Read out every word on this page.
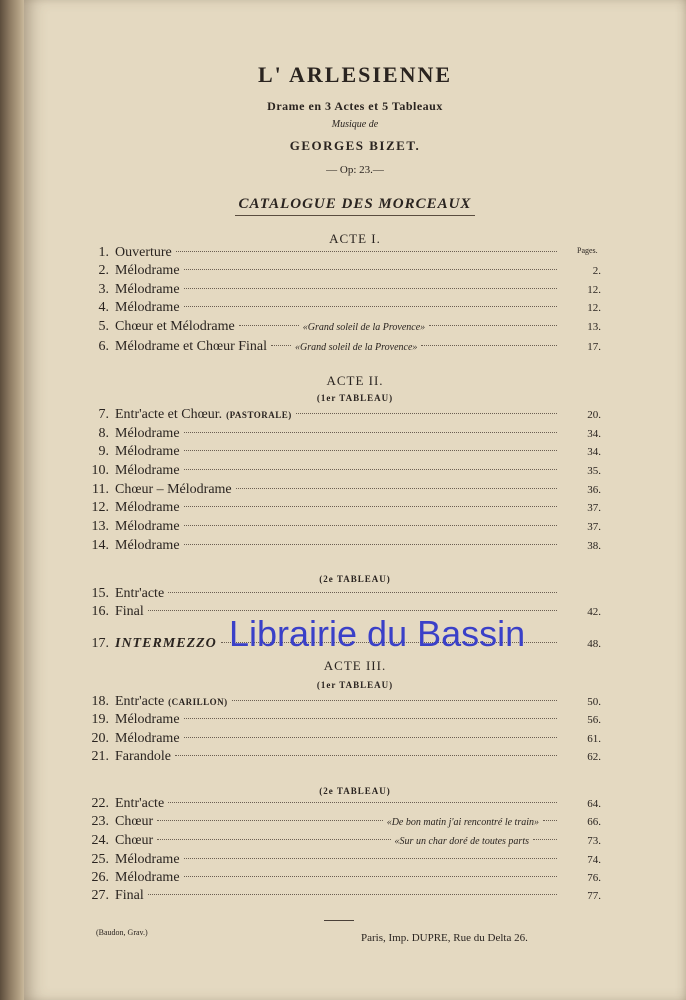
L' ARLESIENNE
Drame en 3 Actes et 5 Tableaux
Musique de
GEORGES BIZET.
— Op: 23.—
CATALOGUE DES MORCEAUX
ACTE I.
Pages.
1. Ouverture
2. Mélodrame	2.
3. Mélodrame	12.
4. Mélodrame	12.
5. Chœur et Mélodrame	«Grand soleil de la Provence»	13.
6. Mélodrame et Chœur Final	«Grand soleil de la Provence»	17.
ACTE II.
(1er TABLEAU)
7. Entr'acte et Chœur. (PASTORALE)	20.
8. Mélodrame	34.
9. Mélodrame	34.
10. Mélodrame	35.
11. Chœur – Mélodrame	36.
12. Mélodrame	37.
13. Mélodrame	37.
14. Mélodrame	38.
(2e TABLEAU)
15. Entr'acte
16. Final	42.
17. INTERMEZZO	48.
ACTE III.
(1er TABLEAU)
18. Entr'acte (CARILLON)	50.
19. Mélodrame	56.
20. Mélodrame	61.
21. Farandole	62.
(2e TABLEAU)
22. Entr'acte	64.
23. Chœur	«De bon matin j'ai rencontré le train»	66.
24. Chœur	«Sur un char doré de toutes parts	73.
25. Mélodrame	74.
26. Mélodrame	76.
27. Final	77.
(Baudon, Grav.)	Paris, Imp. DUPRE, Rue du Delta 26.
Librairie du Bassin
